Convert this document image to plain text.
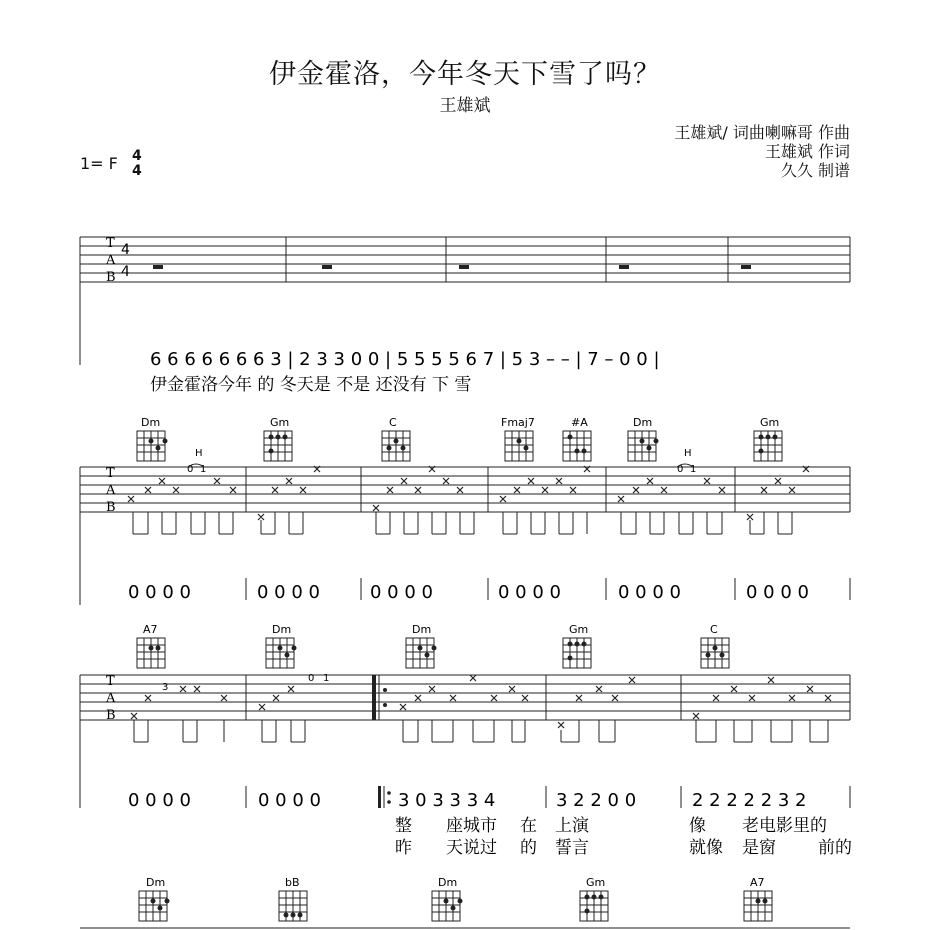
伊金霍洛，今年冬天下雪了吗？
王雄斌
王雄斌/ 词曲喇嘛哥 作曲
王雄斌 作词
久久 制谱
1= F 4
4
T
A
B
4
4
6 6 6 6 6 6 6 3 | 2 3 3 0 0 | 5 5 5 5 6 7 | 5 3 – – | 7 – 0 0 |
伊金霍洛今年 的 冬天是 不是 还没有 下 雪
Dm	Gm	C	Fmaj7	#A	Dm	Gm
T
A
B
H
0 1
H
0 1
0 0 0 0	0 0 0 0	0 0 0 0	0 0 0 0	0 0 0 0	0 0 0 0
A7	Dm	Dm	Gm	C
T
A
B
3
0 1
0 0 0 0	0 0 0 0	3 0 3 3 3 4	3 2 2 0 0	2 2 2 2 2 3 2
整 座城市 在 上演	像 老电影里的
昨 天说过 的 誓言	就像 是窗 前的
Dm	bB	Dm	Gm	A7
